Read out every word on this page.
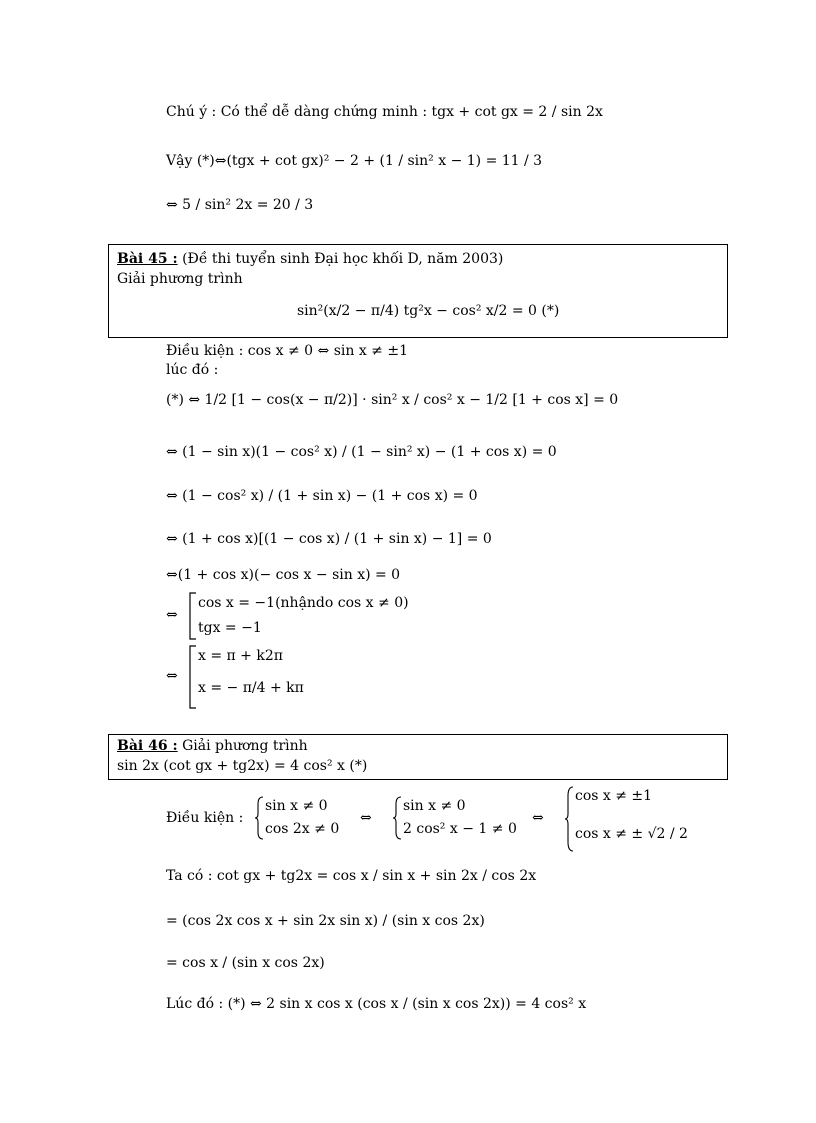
Chú ý : Có thể dễ dàng chứng minh : tgx + cot gx = 2 / sin 2x
Vậy (*)⇔(tgx + cot gx)² − 2 + (1 / sin² x − 1) = 11 / 3
⇔ 5 / sin² 2x = 20 / 3
Bài 45 : (Đề thi tuyển sinh Đại học khối D, năm 2003)
Giải phương trình
sin²(x/2 − π/4) tg²x − cos² x/2 = 0 (*)
Điều kiện : cos x ≠ 0 ⇔ sin x ≠ ±1
lúc đó :
(*) ⇔ 1/2 [1 − cos(x − π/2)] · sin² x / cos² x − 1/2 [1 + cos x] = 0
⇔ (1 − sin x)(1 − cos² x) / (1 − sin² x) − (1 + cos x) = 0
⇔ (1 − cos² x) / (1 + sin x) − (1 + cos x) = 0
⇔ (1 + cos x)[(1 − cos x) / (1 + sin x) − 1] = 0
⇔(1 + cos x)(− cos x − sin x) = 0
⇔
cos x = −1(nhậndo cos x ≠ 0)
tgx = −1
⇔
x = π + k2π
x = − π/4 + kπ
Bài 46 : Giải phương trình
sin 2x (cot gx + tg2x) = 4 cos² x (*)
Điều kiện :
sin x ≠ 0
cos 2x ≠ 0
⇔
sin x ≠ 0
2 cos² x − 1 ≠ 0
⇔
cos x ≠ ±1
cos x ≠ ± √2 / 2
Ta có : cot gx + tg2x = cos x / sin x + sin 2x / cos 2x
= (cos 2x cos x + sin 2x sin x) / (sin x cos 2x)
= cos x / (sin x cos 2x)
Lúc đó : (*) ⇔ 2 sin x cos x (cos x / (sin x cos 2x)) = 4 cos² x
